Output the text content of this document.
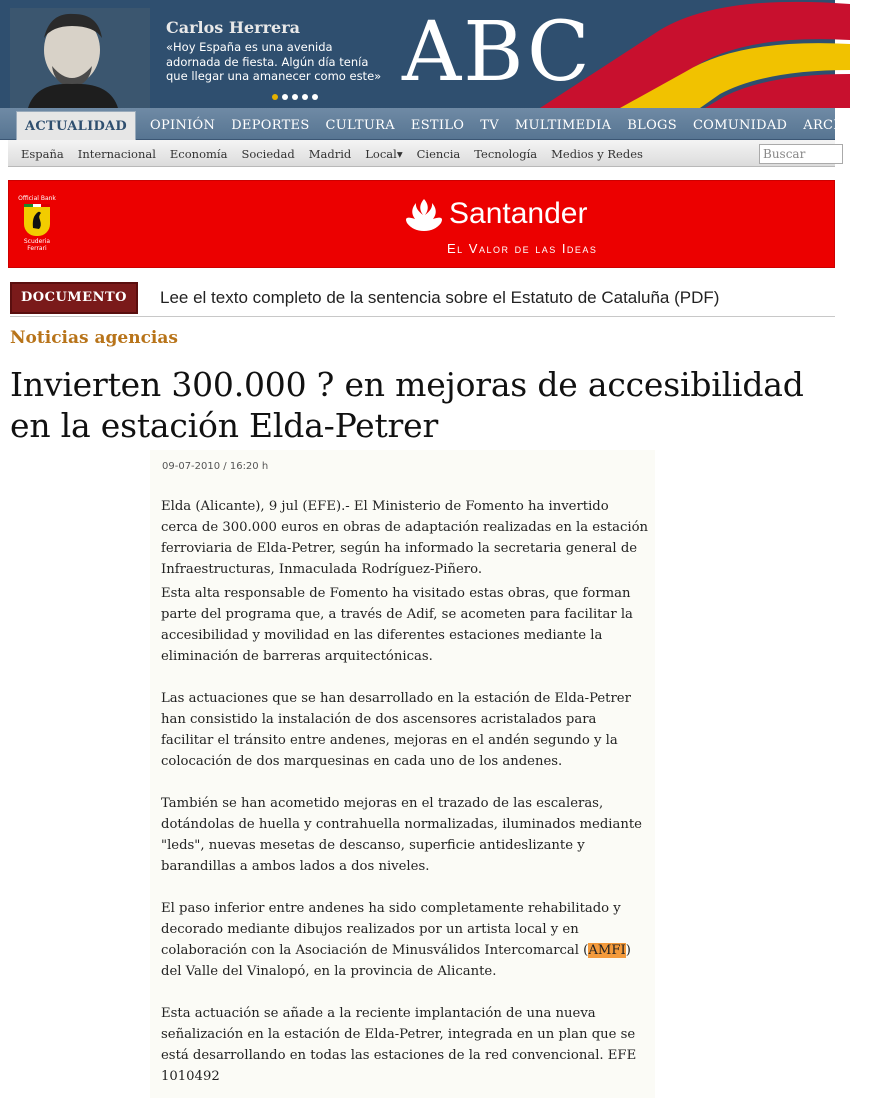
Carlos Herrera
«Hoy España es una avenida adornada de fiesta. Algún día tenía que llegar una amanecer como este» ABC
ACTUALIDAD	OPINIÓN	DEPORTES	CULTURA	ESTILO	TV	MULTIMEDIA	BLOGS	COMUNIDAD	ARCHIVO
España	Internacional	Economía	Sociedad	Madrid	Local▾	Ciencia	Tecnología	Medios y Redes	Buscar
Official Bank
Scuderia Ferrari
Santander
El Valor de las Ideas
DOCUMENTO	Lee el texto completo de la sentencia sobre el Estatuto de Cataluña (PDF)
Noticias agencias
Invierten 300.000 ? en mejoras de accesibilidad en la estación Elda-Petrer
09-07-2010 / 16:20 h

Elda (Alicante), 9 jul (EFE).- El Ministerio de Fomento ha invertido cerca de 300.000 euros en obras de adaptación realizadas en la estación ferroviaria de Elda-Petrer, según ha informado la secretaria general de Infraestructuras, Inmaculada Rodríguez-Piñero.

Esta alta responsable de Fomento ha visitado estas obras, que forman parte del programa que, a través de Adif, se acometen para facilitar la accesibilidad y movilidad en las diferentes estaciones mediante la eliminación de barreras arquitectónicas.

Las actuaciones que se han desarrollado en la estación de Elda-Petrer han consistido la instalación de dos ascensores acristalados para facilitar el tránsito entre andenes, mejoras en el andén segundo y la colocación de dos marquesinas en cada uno de los andenes.

También se han acometido mejoras en el trazado de las escaleras, dotándolas de huella y contrahuella normalizadas, iluminados mediante "leds", nuevas mesetas de descanso, superficie antideslizante y barandillas a ambos lados a dos niveles.

El paso inferior entre andenes ha sido completamente rehabilitado y decorado mediante dibujos realizados por un artista local y en colaboración con la Asociación de Minusválidos Intercomarcal (AMFI) del Valle del Vinalopó, en la provincia de Alicante.

Esta actuación se añade a la reciente implantación de una nueva señalización en la estación de Elda-Petrer, integrada en un plan que se está desarrollando en todas las estaciones de la red convencional. EFE 1010492
